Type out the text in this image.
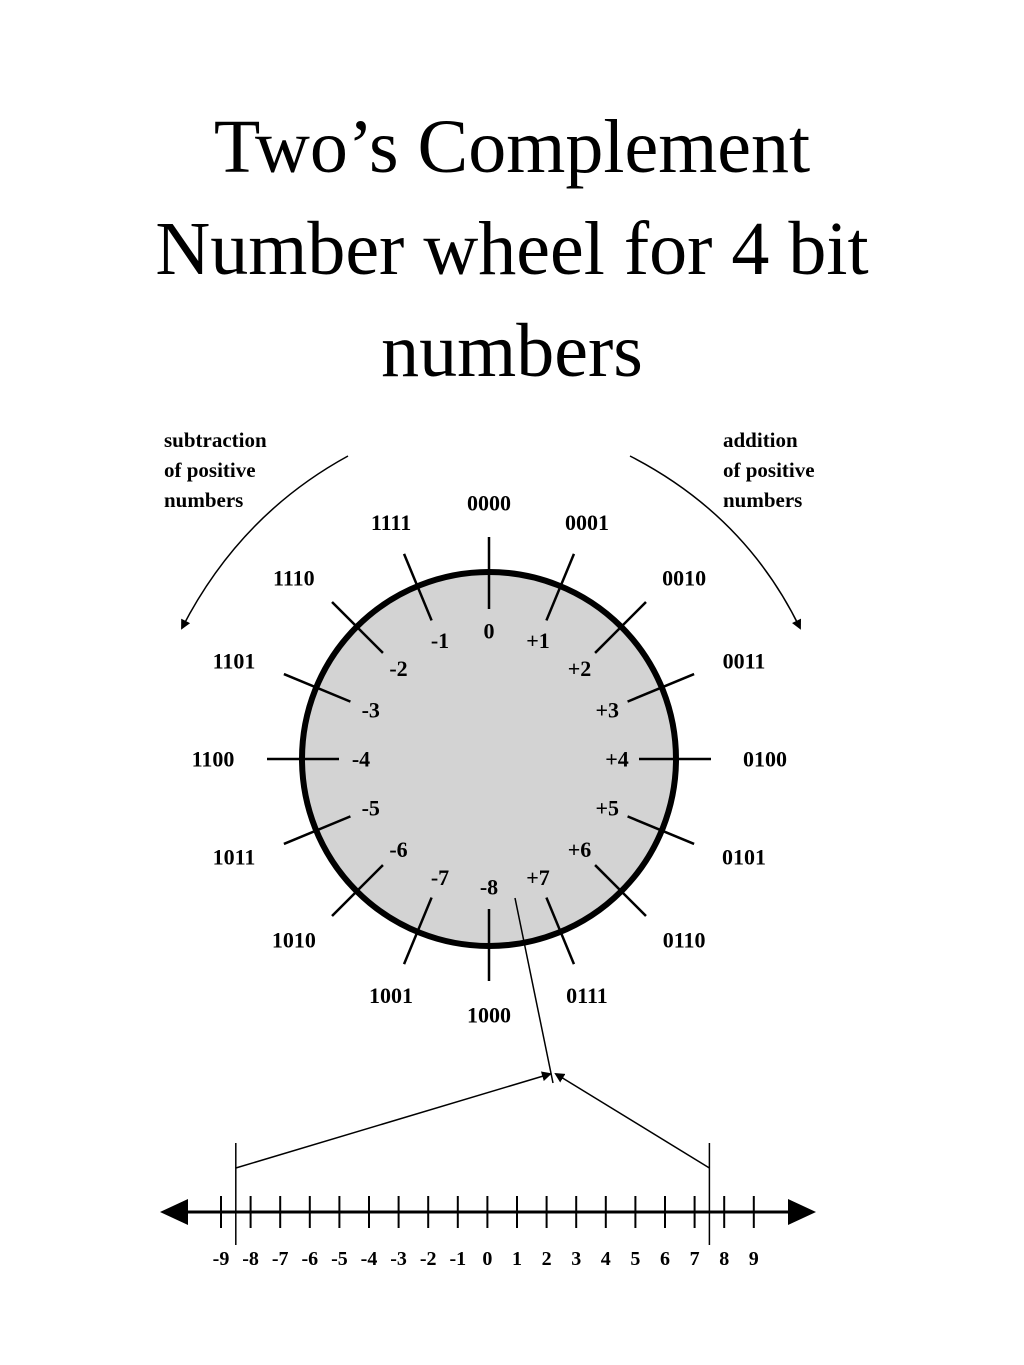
Two’s Complement
Number wheel for 4 bit
numbers
subtraction
of positive
numbers
addition
of positive
numbers
0
0000
+1
0001
+2
0010
+3
0011
+4	0100
+5
0101
+6
0110
+7
0111
-8
1000
-7
1001
-6
1010
-5
1011
-4
1100
-3
1101	-2
1110
-1
1111
-9 -8 -7 -6 -5 -4 -3 -2 -1 0 1 2 3 4 5 6 7 8 9
